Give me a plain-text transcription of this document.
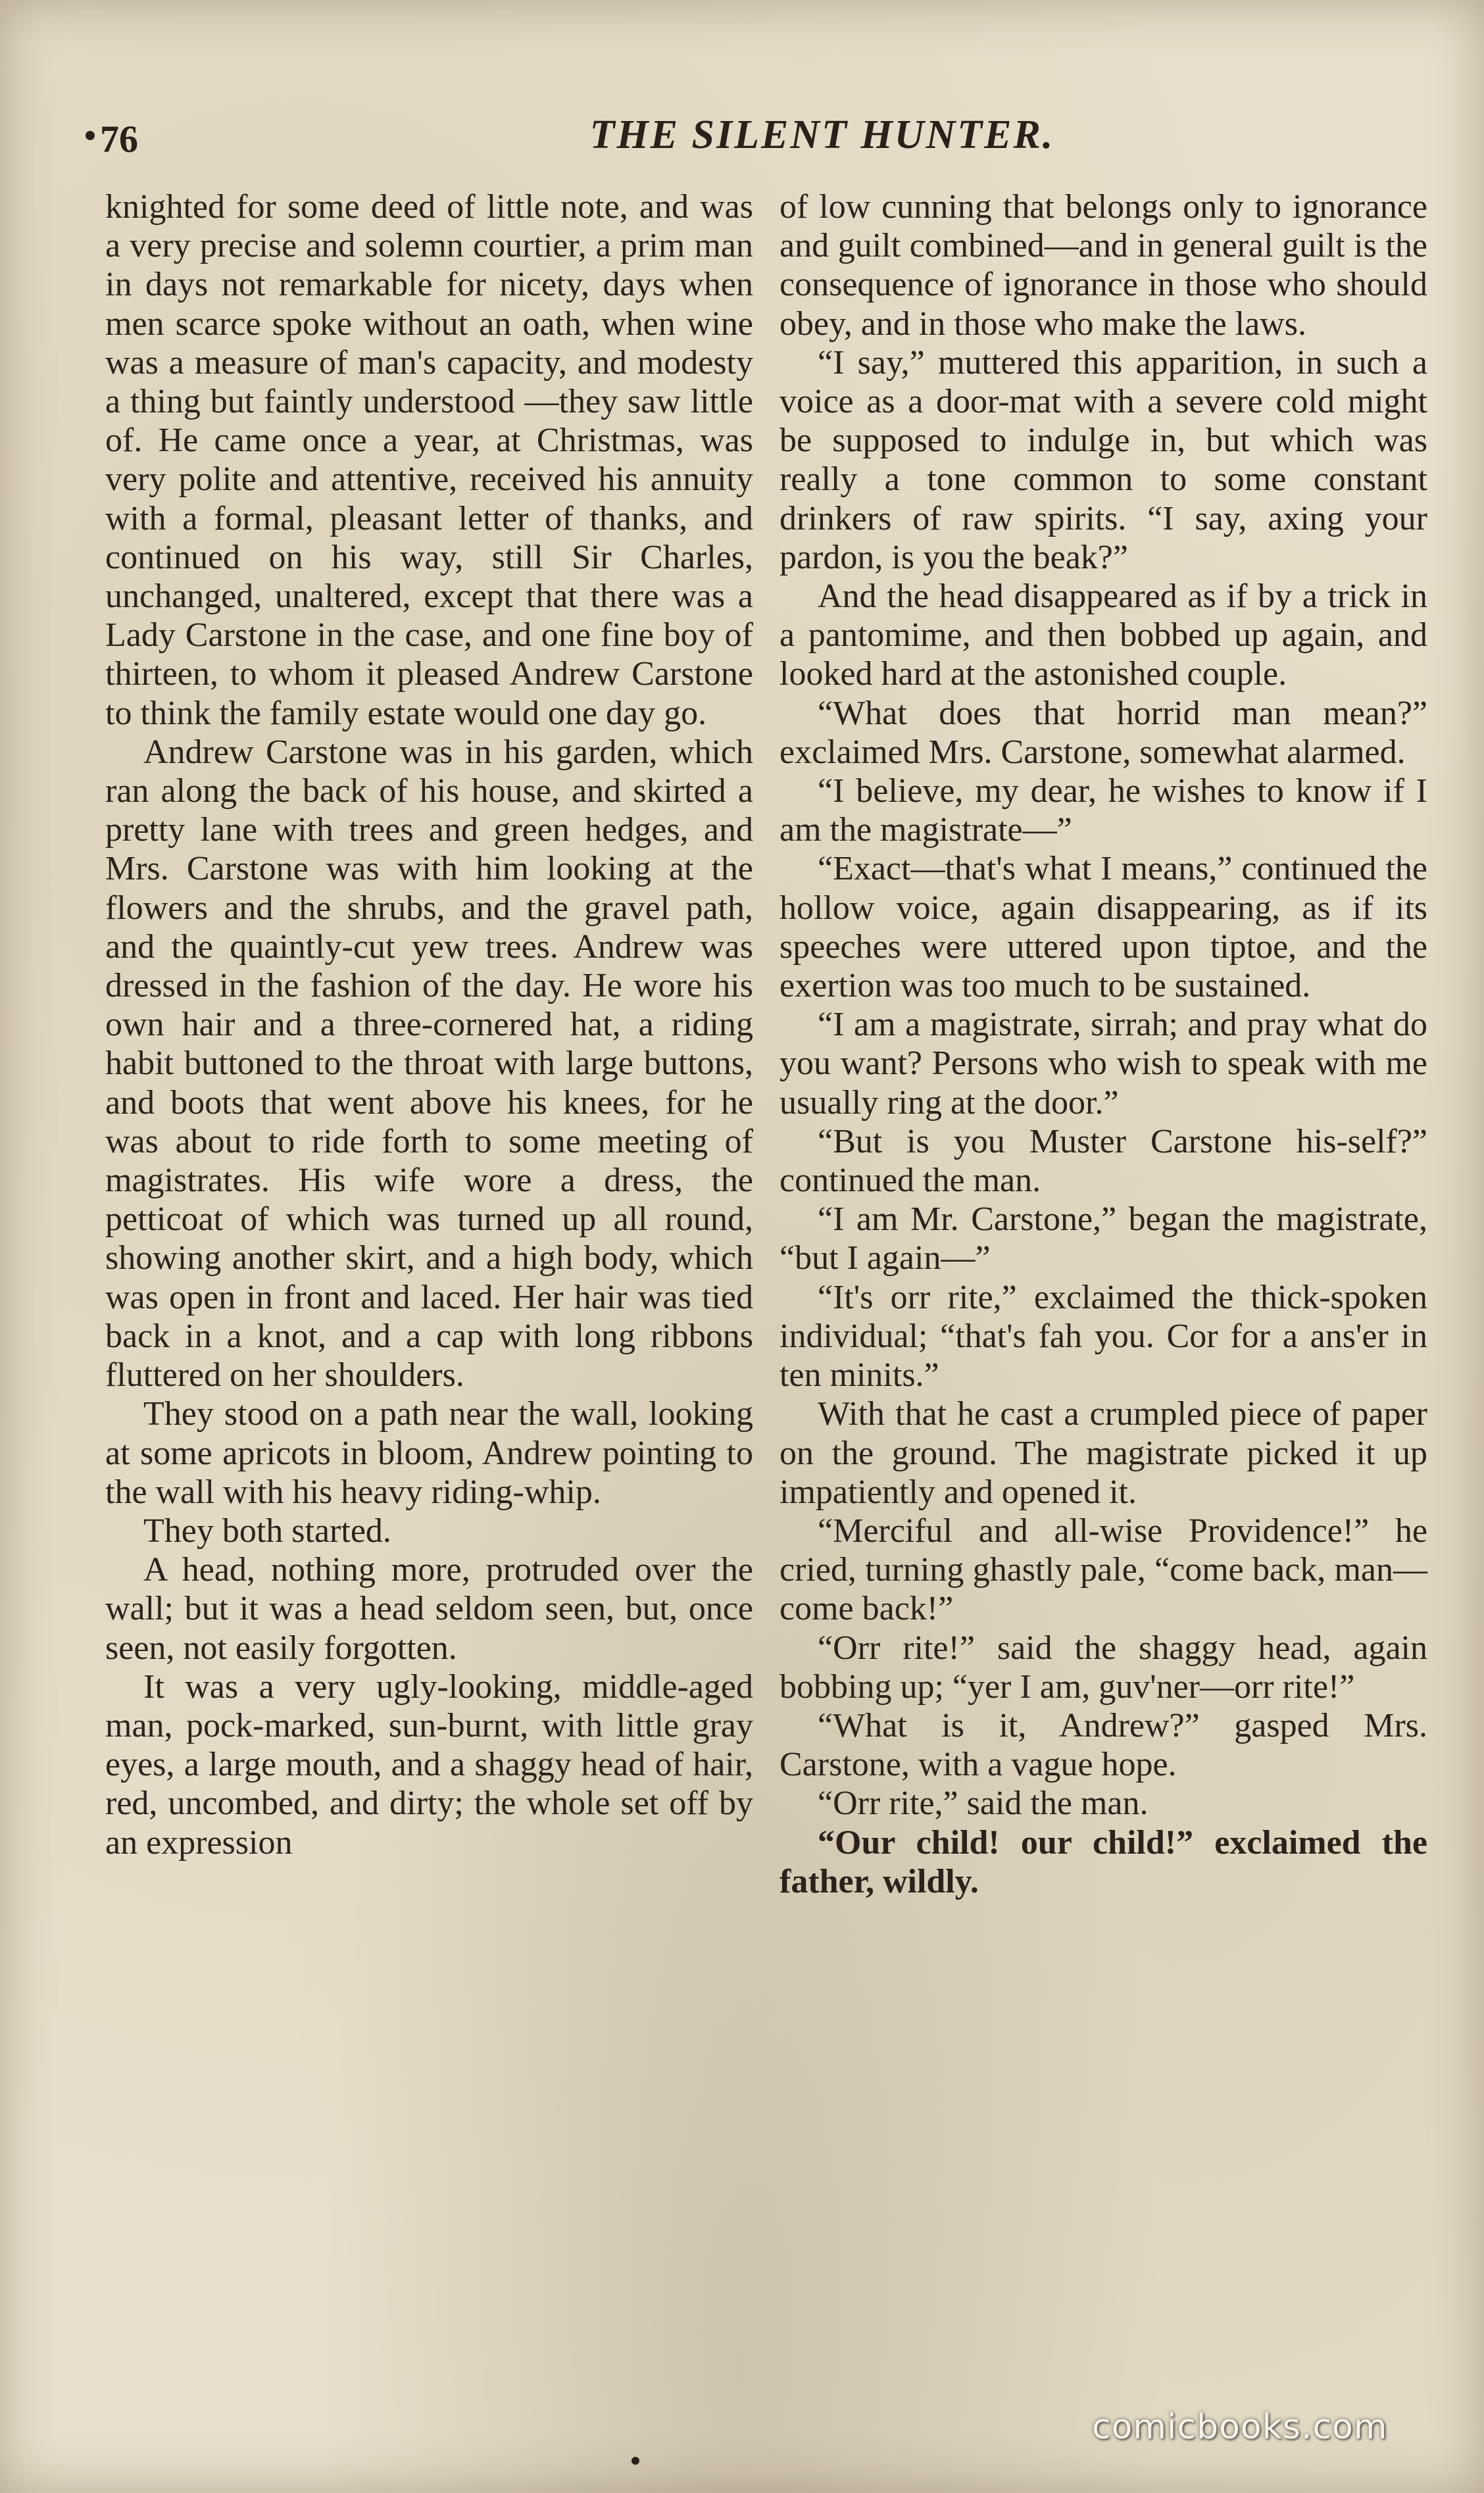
76	THE SILENT HUNTER.

knighted for some deed of little note, and was a very precise and solemn courtier, a prim man in days not remarkable for nicety, days when men scarce spoke without an oath, when wine was a measure of man's capacity, and modesty a thing but faintly understood —they saw little of. He came once a year, at Christmas, was very polite and attentive, received his annuity with a formal, pleasant letter of thanks, and continued on his way, still Sir Charles, unchanged, unaltered, except that there was a Lady Carstone in the case, and one fine boy of thirteen, to whom it pleased Andrew Carstone to think the family estate would one day go.

Andrew Carstone was in his garden, which ran along the back of his house, and skirted a pretty lane with trees and green hedges, and Mrs. Carstone was with him looking at the flowers and the shrubs, and the gravel path, and the quaintly-cut yew trees. Andrew was dressed in the fashion of the day. He wore his own hair and a three-cornered hat, a riding habit buttoned to the throat with large buttons, and boots that went above his knees, for he was about to ride forth to some meeting of magistrates. His wife wore a dress, the petticoat of which was turned up all round, showing another skirt, and a high body, which was open in front and laced. Her hair was tied back in a knot, and a cap with long ribbons fluttered on her shoulders.

They stood on a path near the wall, looking at some apricots in bloom, Andrew pointing to the wall with his heavy riding-whip.

They both started.

A head, nothing more, protruded over the wall; but it was a head seldom seen, but, once seen, not easily forgotten.

It was a very ugly-looking, middle-aged man, pock-marked, sun-burnt, with little gray eyes, a large mouth, and a shaggy head of hair, red, uncombed, and dirty; the whole set off by an expression

of low cunning that belongs only to ignorance and guilt combined—and in general guilt is the consequence of ignorance in those who should obey, and in those who make the laws.

“I say,” muttered this apparition, in such a voice as a door-mat with a severe cold might be supposed to indulge in, but which was really a tone common to some constant drinkers of raw spirits. “I say, axing your pardon, is you the beak?”

And the head disappeared as if by a trick in a pantomime, and then bobbed up again, and looked hard at the astonished couple.

“What does that horrid man mean?” exclaimed Mrs. Carstone, somewhat alarmed.

“I believe, my dear, he wishes to know if I am the magistrate—”

“Exact—that's what I means,” continued the hollow voice, again disappearing, as if its speeches were uttered upon tiptoe, and the exertion was too much to be sustained.

“I am a magistrate, sirrah; and pray what do you want? Persons who wish to speak with me usually ring at the door.”

“But is you Muster Carstone his-self?” continued the man.

“I am Mr. Carstone,” began the magistrate, “but I again—”

“It's orr rite,” exclaimed the thick-spoken individual; “that's fah you. Cor for a ans'er in ten minits.”

With that he cast a crumpled piece of paper on the ground. The magistrate picked it up impatiently and opened it.

“Merciful and all-wise Providence!” he cried, turning ghastly pale, “come back, man—come back!”

“Orr rite!” said the shaggy head, again bobbing up; “yer I am, guv'ner—orr rite!”

“What is it, Andrew?” gasped Mrs. Carstone, with a vague hope.

“Orr rite,” said the man.

“Our child! our child!” exclaimed the father, wildly.

comicbooks.com
